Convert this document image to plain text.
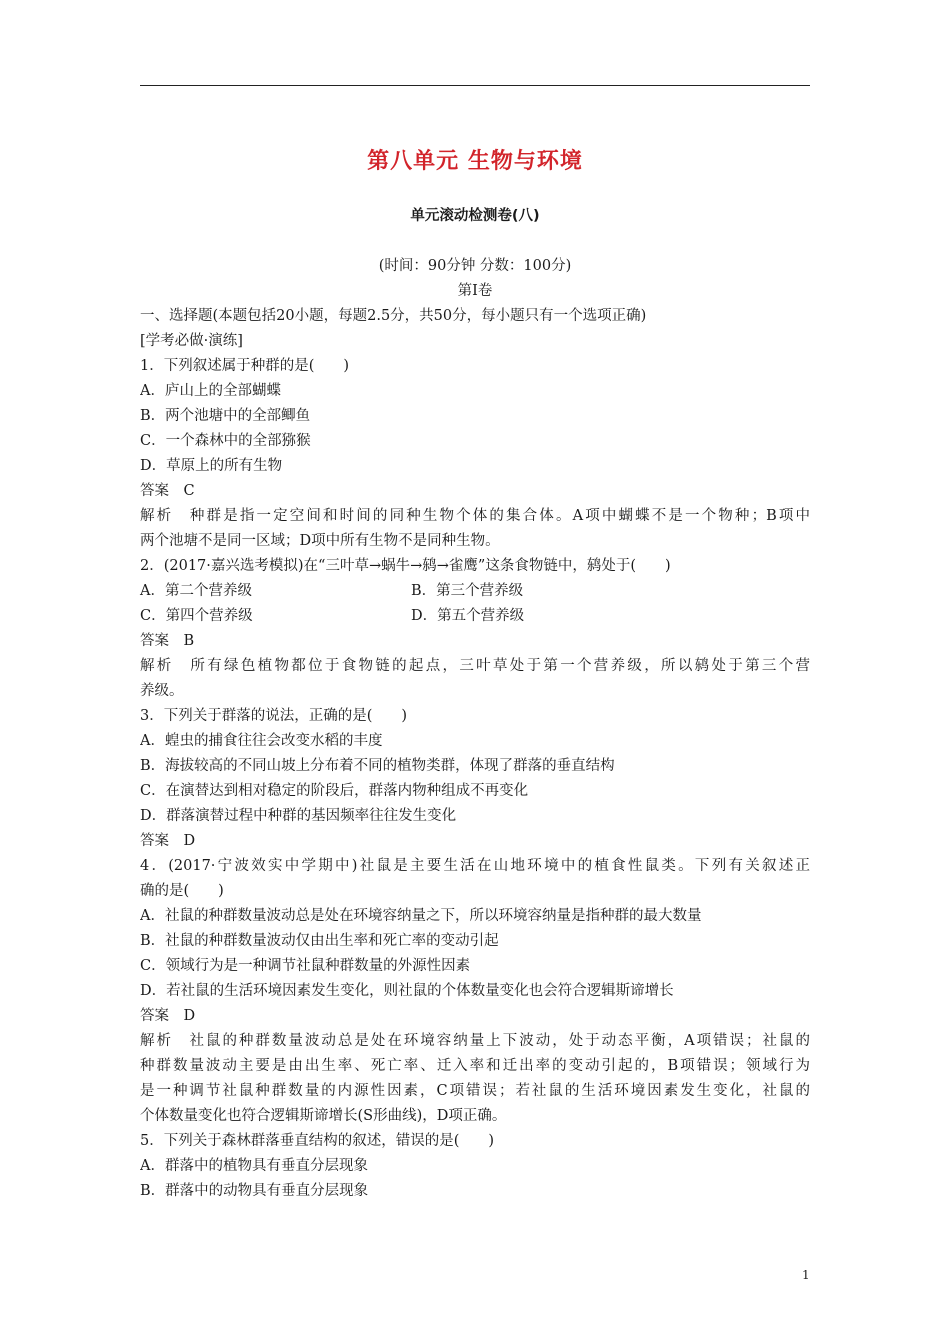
第八单元 生物与环境
单元滚动检测卷(八)
(时间：90分钟 分数：100分)
第Ⅰ卷
一、选择题(本题包括20小题，每题2.5分，共50分，每小题只有一个选项正确)
[学考必做·演练]
1．下列叙述属于种群的是(　　)
A．庐山上的全部蝴蝶
B．两个池塘中的全部鲫鱼
C．一个森林中的全部猕猴
D．草原上的所有生物
答案　C
解析　种群是指一定空间和时间的同种生物个体的集合体。A项中蝴蝶不是一个物种；B项中
两个池塘不是同一区域；D项中所有生物不是同种生物。
2．(2017·嘉兴选考模拟)在“三叶草→蜗牛→鸫→雀鹰”这条食物链中，鸫处于(　　)
A．第二个营养级	B．第三个营养级
C．第四个营养级	D．第五个营养级
答案　B
解析　所有绿色植物都位于食物链的起点，三叶草处于第一个营养级，所以鸫处于第三个营
养级。
3．下列关于群落的说法，正确的是(　　)
A．蝗虫的捕食往往会改变水稻的丰度
B．海拔较高的不同山坡上分布着不同的植物类群，体现了群落的垂直结构
C．在演替达到相对稳定的阶段后，群落内物种组成不再变化
D．群落演替过程中种群的基因频率往往发生变化
答案　D
4．(2017·宁波效实中学期中)社鼠是主要生活在山地环境中的植食性鼠类。下列有关叙述正
确的是(　　)
A．社鼠的种群数量波动总是处在环境容纳量之下，所以环境容纳量是指种群的最大数量
B．社鼠的种群数量波动仅由出生率和死亡率的变动引起
C．领域行为是一种调节社鼠种群数量的外源性因素
D．若社鼠的生活环境因素发生变化，则社鼠的个体数量变化也会符合逻辑斯谛增长
答案　D
解析　社鼠的种群数量波动总是处在环境容纳量上下波动，处于动态平衡，A项错误；社鼠的
种群数量波动主要是由出生率、死亡率、迁入率和迁出率的变动引起的，B项错误；领域行为
是一种调节社鼠种群数量的内源性因素，C项错误；若社鼠的生活环境因素发生变化，社鼠的
个体数量变化也符合逻辑斯谛增长(S形曲线)，D项正确。
5．下列关于森林群落垂直结构的叙述，错误的是(　　)
A．群落中的植物具有垂直分层现象
B．群落中的动物具有垂直分层现象
1
